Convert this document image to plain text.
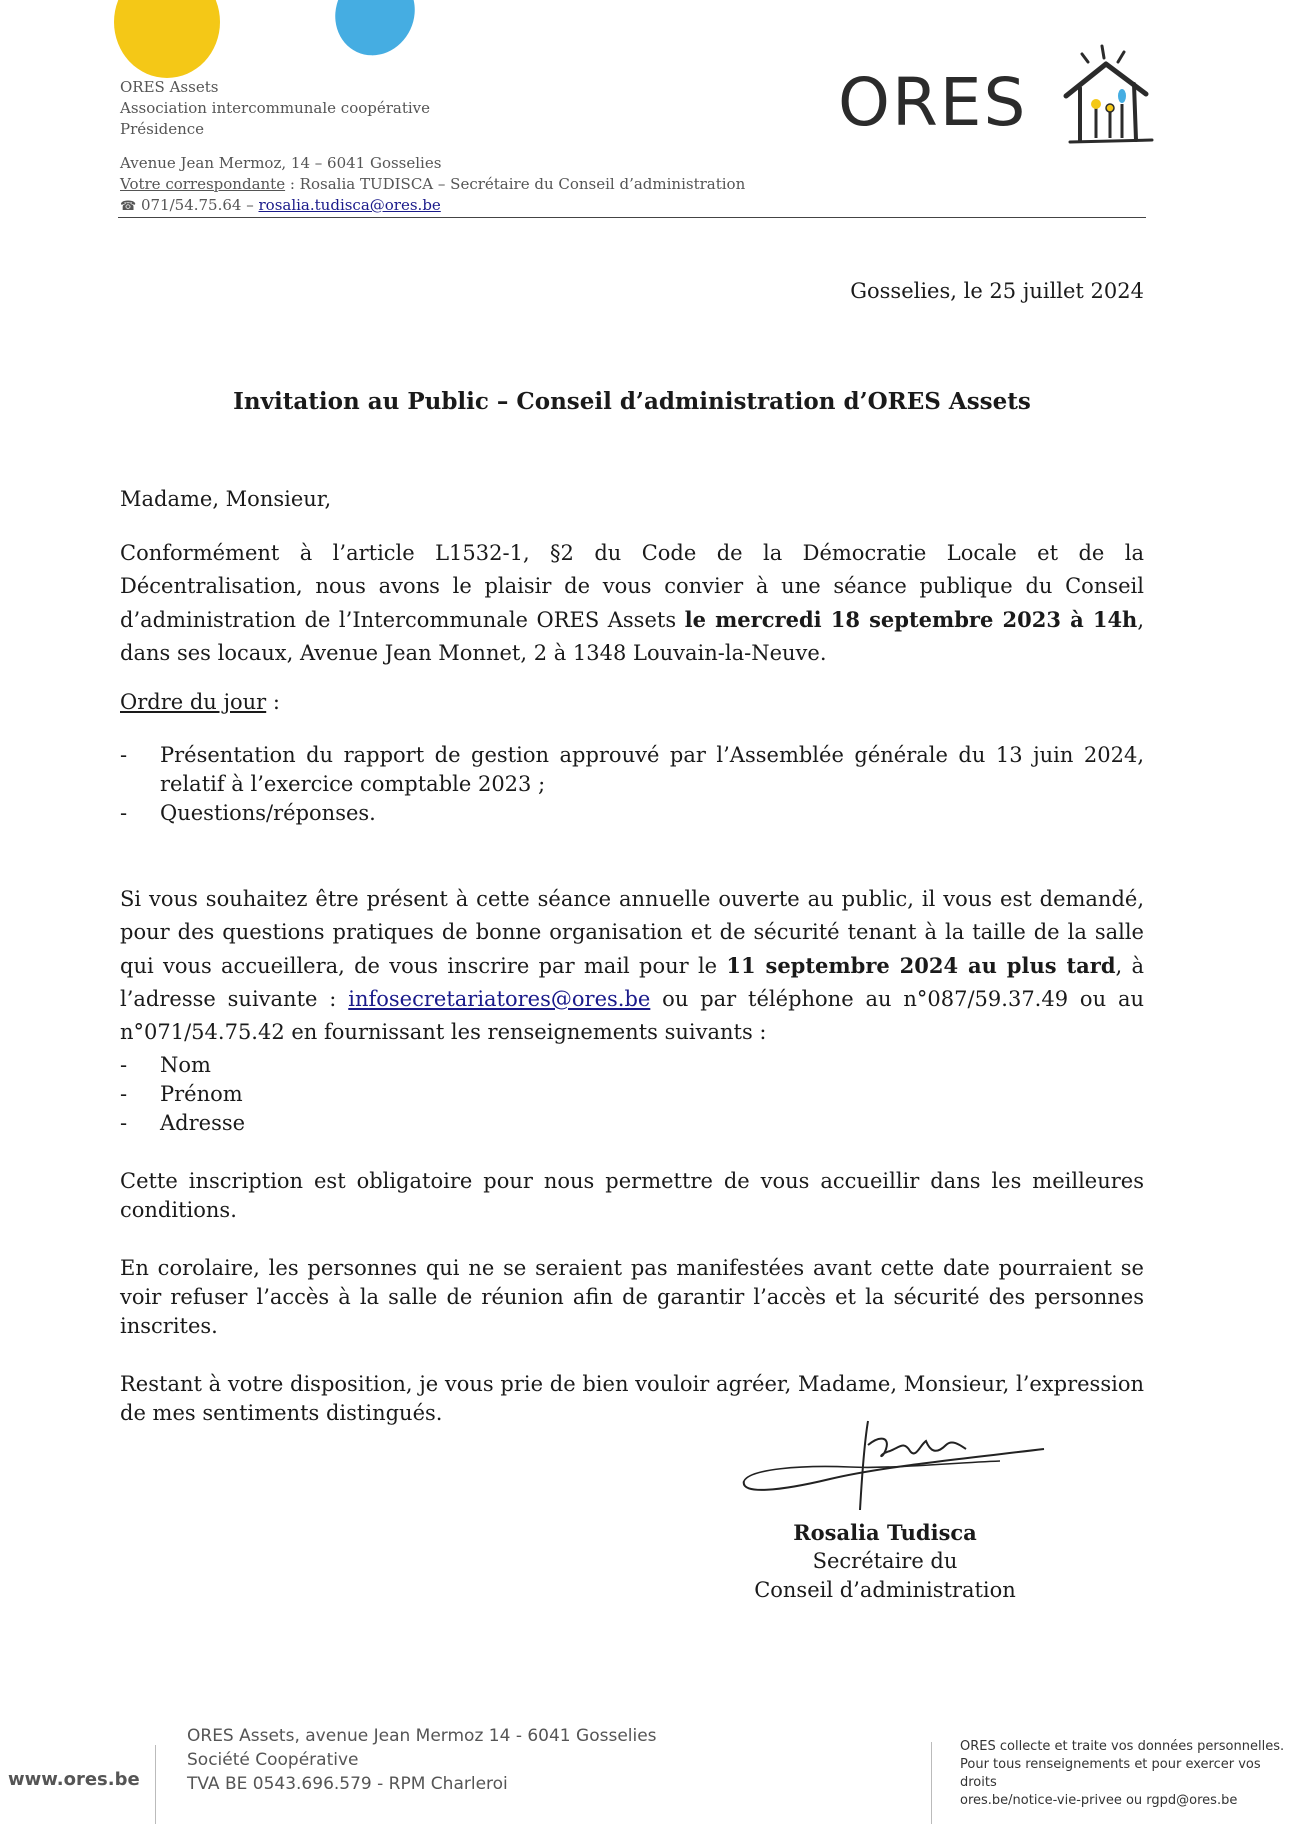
ORES Assets
Association intercommunale coopérative
Présidence
Avenue Jean Mermoz, 14 – 6041 Gosselies
Votre correspondante : Rosalia TUDISCA – Secrétaire du Conseil d’administration
☎ 071/54.75.64 – rosalia.tudisca@ores.be
ORES
Gosselies, le 25 juillet 2024
Invitation au Public – Conseil d’administration d’ORES Assets
Madame, Monsieur,
Conformément à l’article L1532-1, §2 du Code de la Démocratie Locale et de la Décentralisation, nous avons le plaisir de vous convier à une séance publique du Conseil d’administration de l’Intercommunale ORES Assets le mercredi 18 septembre 2023 à 14h, dans ses locaux, Avenue Jean Monnet, 2 à 1348 Louvain-la-Neuve.
Ordre du jour :
- Présentation du rapport de gestion approuvé par l’Assemblée générale du 13 juin 2024, relatif à l’exercice comptable 2023 ;
- Questions/réponses.
Si vous souhaitez être présent à cette séance annuelle ouverte au public, il vous est demandé, pour des questions pratiques de bonne organisation et de sécurité tenant à la taille de la salle qui vous accueillera, de vous inscrire par mail pour le 11 septembre 2024 au plus tard, à l’adresse suivante : infosecretariatores@ores.be ou par téléphone au n°087/59.37.49 ou au n°071/54.75.42 en fournissant les renseignements suivants :
- Nom
- Prénom
- Adresse
Cette inscription est obligatoire pour nous permettre de vous accueillir dans les meilleures conditions.
En corolaire, les personnes qui ne se seraient pas manifestées avant cette date pourraient se voir refuser l’accès à la salle de réunion afin de garantir l’accès et la sécurité des personnes inscrites.
Restant à votre disposition, je vous prie de bien vouloir agréer, Madame, Monsieur, l’expression de mes sentiments distingués.
Rosalia Tudisca
Secrétaire du
Conseil d’administration
www.ores.be
ORES Assets, avenue Jean Mermoz 14 - 6041 Gosselies
Société Coopérative
TVA BE 0543.696.579 - RPM Charleroi
ORES collecte et traite vos données personnelles.
Pour tous renseignements et pour exercer vos droits
ores.be/notice-vie-privee ou rgpd@ores.be
